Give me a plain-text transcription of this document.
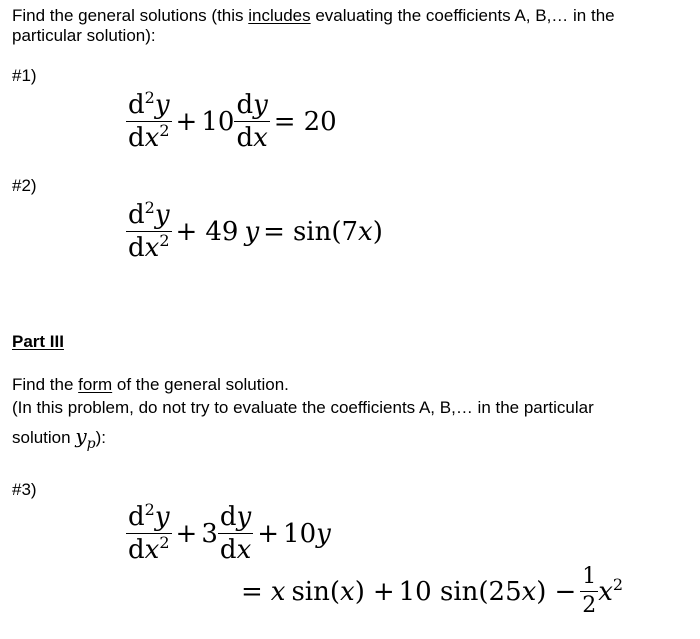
Find the general solutions (this includes evaluating the coefficients A, B,… in the
particular solution):
#1)
$\frac{d^2y}{dx^2} + 10 \frac{dy}{dx} = 20$
#2)
$\frac{d^2y}{dx^2} + 49$ y = sin(7x)
Part III
Find the form of the general solution.
(In this problem, do not try to evaluate the coefficients A, B,… in the particular
solution $y_p$):
#3)
$\frac{d^2y}{dx^2} + 3 \frac{dy}{dx} + 10y$
= x sin(x) + 10 $\sin(25x) - \frac{1}{2} x^2$
